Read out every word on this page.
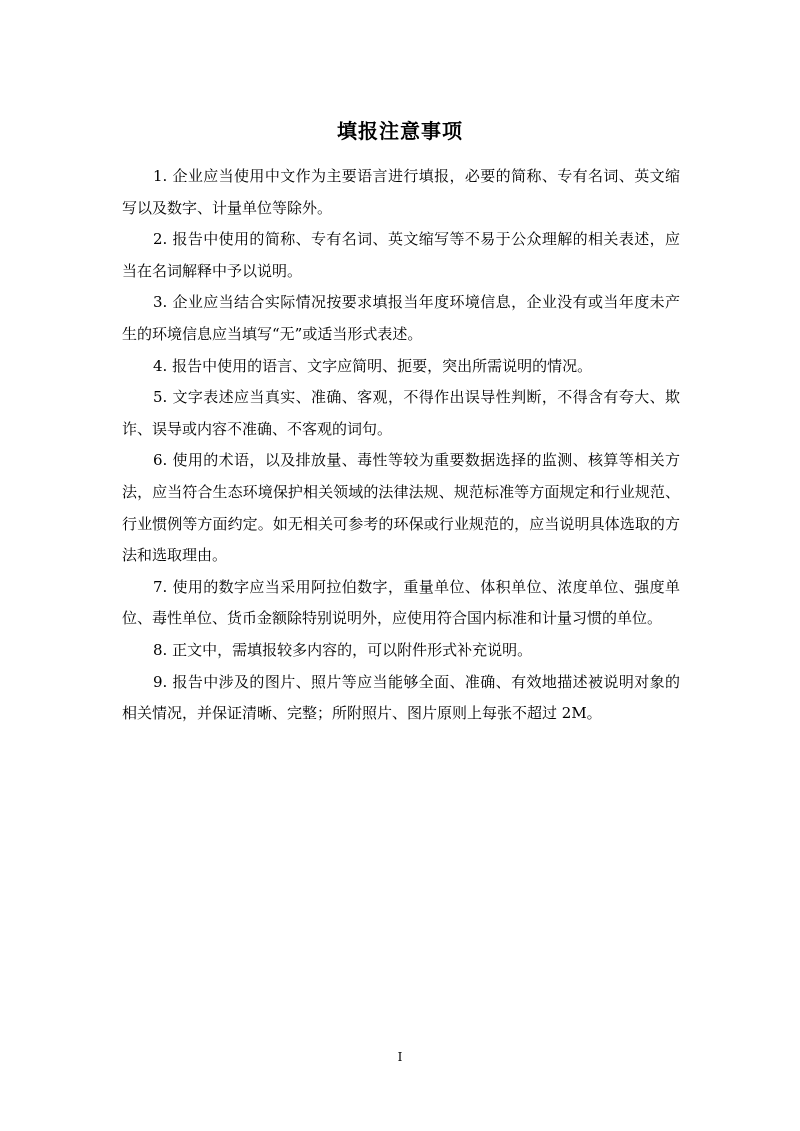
填报注意事项

1. 企业应当使用中文作为主要语言进行填报，必要的简称、专有名词、英文缩写以及数字、计量单位等除外。

2. 报告中使用的简称、专有名词、英文缩写等不易于公众理解的相关表述，应当在名词解释中予以说明。

3. 企业应当结合实际情况按要求填报当年度环境信息，企业没有或当年度未产生的环境信息应当填写“无”或适当形式表述。

4. 报告中使用的语言、文字应简明、扼要，突出所需说明的情况。

5. 文字表述应当真实、准确、客观，不得作出误导性判断，不得含有夸大、欺诈、误导或内容不准确、不客观的词句。

6. 使用的术语，以及排放量、毒性等较为重要数据选择的监测、核算等相关方法，应当符合生态环境保护相关领域的法律法规、规范标准等方面规定和行业规范、行业惯例等方面约定。如无相关可参考的环保或行业规范的，应当说明具体选取的方法和选取理由。

7. 使用的数字应当采用阿拉伯数字，重量单位、体积单位、浓度单位、强度单位、毒性单位、货币金额除特别说明外，应使用符合国内标准和计量习惯的单位。

8. 正文中，需填报较多内容的，可以附件形式补充说明。

9. 报告中涉及的图片、照片等应当能够全面、准确、有效地描述被说明对象的相关情况，并保证清晰、完整；所附照片、图片原则上每张不超过 2M。

I
